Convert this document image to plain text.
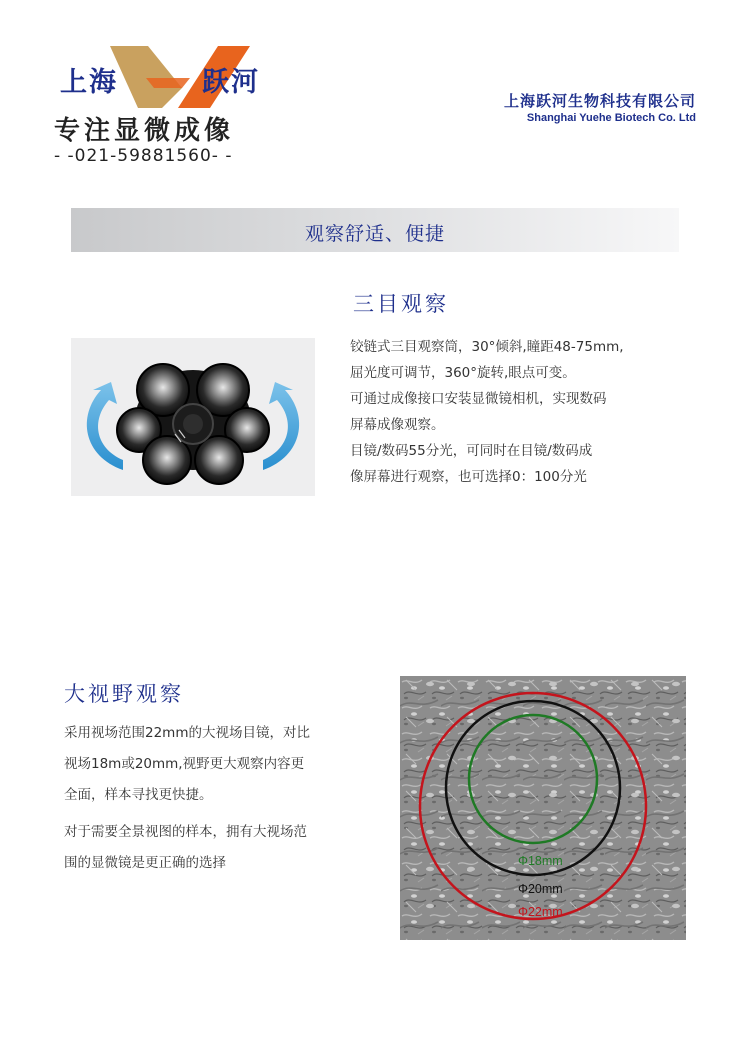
上海	跃河
专注显微成像
- -021-59881560- -
上海跃河生物科技有限公司
Shanghai Yuehe Biotech Co. Ltd
观察舒适、便捷
三目观察
铰链式三目观察筒，30°倾斜,瞳距48-75mm,
屈光度可调节，360°旋转,眼点可变。
可通过成像接口安装显微镜相机，实现数码
屏幕成像观察。
目镜/数码55分光，可同时在目镜/数码成
像屏幕进行观察，也可选择0：100分光
大视野观察
采用视场范围22mm的大视场目镜，对比
视场18m或20mm,视野更大观察内容更
全面，样本寻找更快捷。
对于需要全景视图的样本，拥有大视场范
围的显微镜是更正确的选择	Φ18mm
Φ20mm
Φ22mm
